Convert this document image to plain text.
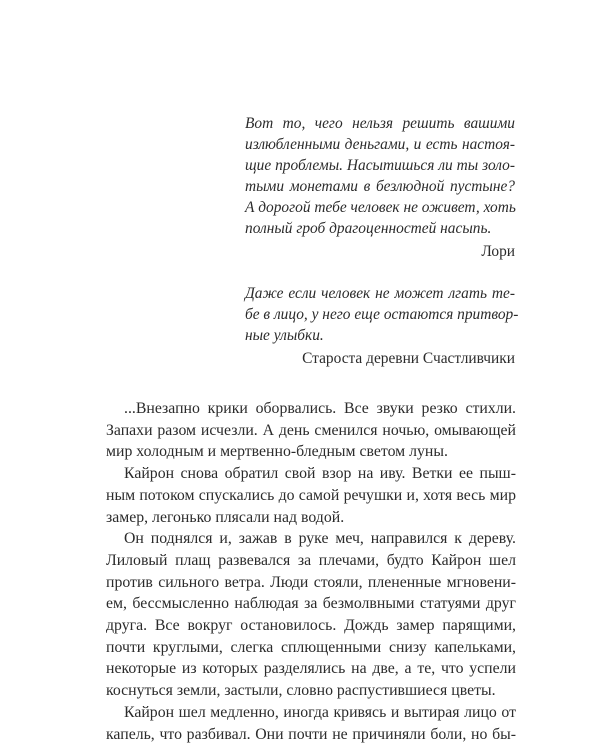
Вот то, чего нельзя решить вашими
излюбленными деньгами, и есть настоя-
щие проблемы. Насытишься ли ты золо-
тыми монетами в безлюдной пустыне?
А дорогой тебе человек не оживет, хоть
полный гроб драгоценностей насыпь.
Лори
Даже если человек не может лгать те-
бе в лицо, у него еще остаются притвор-
ные улыбки.
Староста деревни Счастливчики
...Внезапно крики оборвались. Все звуки резко стихли.
Запахи разом исчезли. А день сменился ночью, омывающей
мир холодным и мертвенно-бледным светом луны.
Кайрон снова обратил свой взор на иву. Ветки ее пыш-
ным потоком спускались до самой речушки и, хотя весь мир
замер, легонько плясали над водой.
Он поднялся и, зажав в руке меч, направился к дереву.
Лиловый плащ развевался за плечами, будто Кайрон шел
против сильного ветра. Люди стояли, плененные мгновени-
ем, бессмысленно наблюдая за безмолвными статуями друг
друга. Все вокруг остановилось. Дождь замер парящими,
почти круглыми, слегка сплющенными снизу капельками,
некоторые из которых разделялись на две, а те, что успели
коснуться земли, застыли, словно распустившиеся цветы.
Кайрон шел медленно, иногда кривясь и вытирая лицо от
капель, что разбивал. Они почти не причиняли боли, но бы-
